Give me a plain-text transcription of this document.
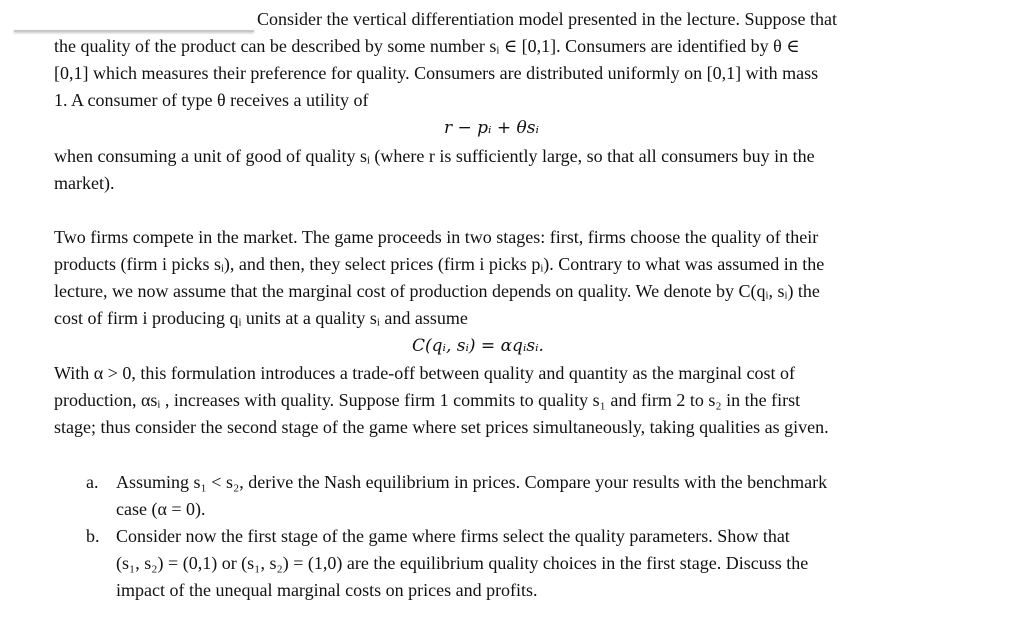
Consider the vertical differentiation model presented in the lecture. Suppose that
the quality of the product can be described by some number sᵢ ∈ [0,1]. Consumers are identified by θ ∈
[0,1] which measures their preference for quality. Consumers are distributed uniformly on [0,1] with mass
1. A consumer of type θ receives a utility of
r − pᵢ + θsᵢ
when consuming a unit of good of quality sᵢ (where r is sufficiently large, so that all consumers buy in the
market).
Two firms compete in the market. The game proceeds in two stages: first, firms choose the quality of their
products (firm i picks sᵢ), and then, they select prices (firm i picks pᵢ). Contrary to what was assumed in the
lecture, we now assume that the marginal cost of production depends on quality. We denote by C(qᵢ, sᵢ) the
cost of firm i producing qᵢ units at a quality sᵢ and assume
C(qᵢ, sᵢ) = αqᵢsᵢ.
With α > 0, this formulation introduces a trade-off between quality and quantity as the marginal cost of
production, αsᵢ , increases with quality. Suppose firm 1 commits to quality s₁ and firm 2 to s₂ in the first
stage; thus consider the second stage of the game where set prices simultaneously, taking qualities as given.
a. Assuming s₁ < s₂, derive the Nash equilibrium in prices. Compare your results with the benchmark
case (α = 0).
b. Consider now the first stage of the game where firms select the quality parameters. Show that
(s₁, s₂) = (0,1) or (s₁, s₂) = (1,0) are the equilibrium quality choices in the first stage. Discuss the
impact of the unequal marginal costs on prices and profits.
